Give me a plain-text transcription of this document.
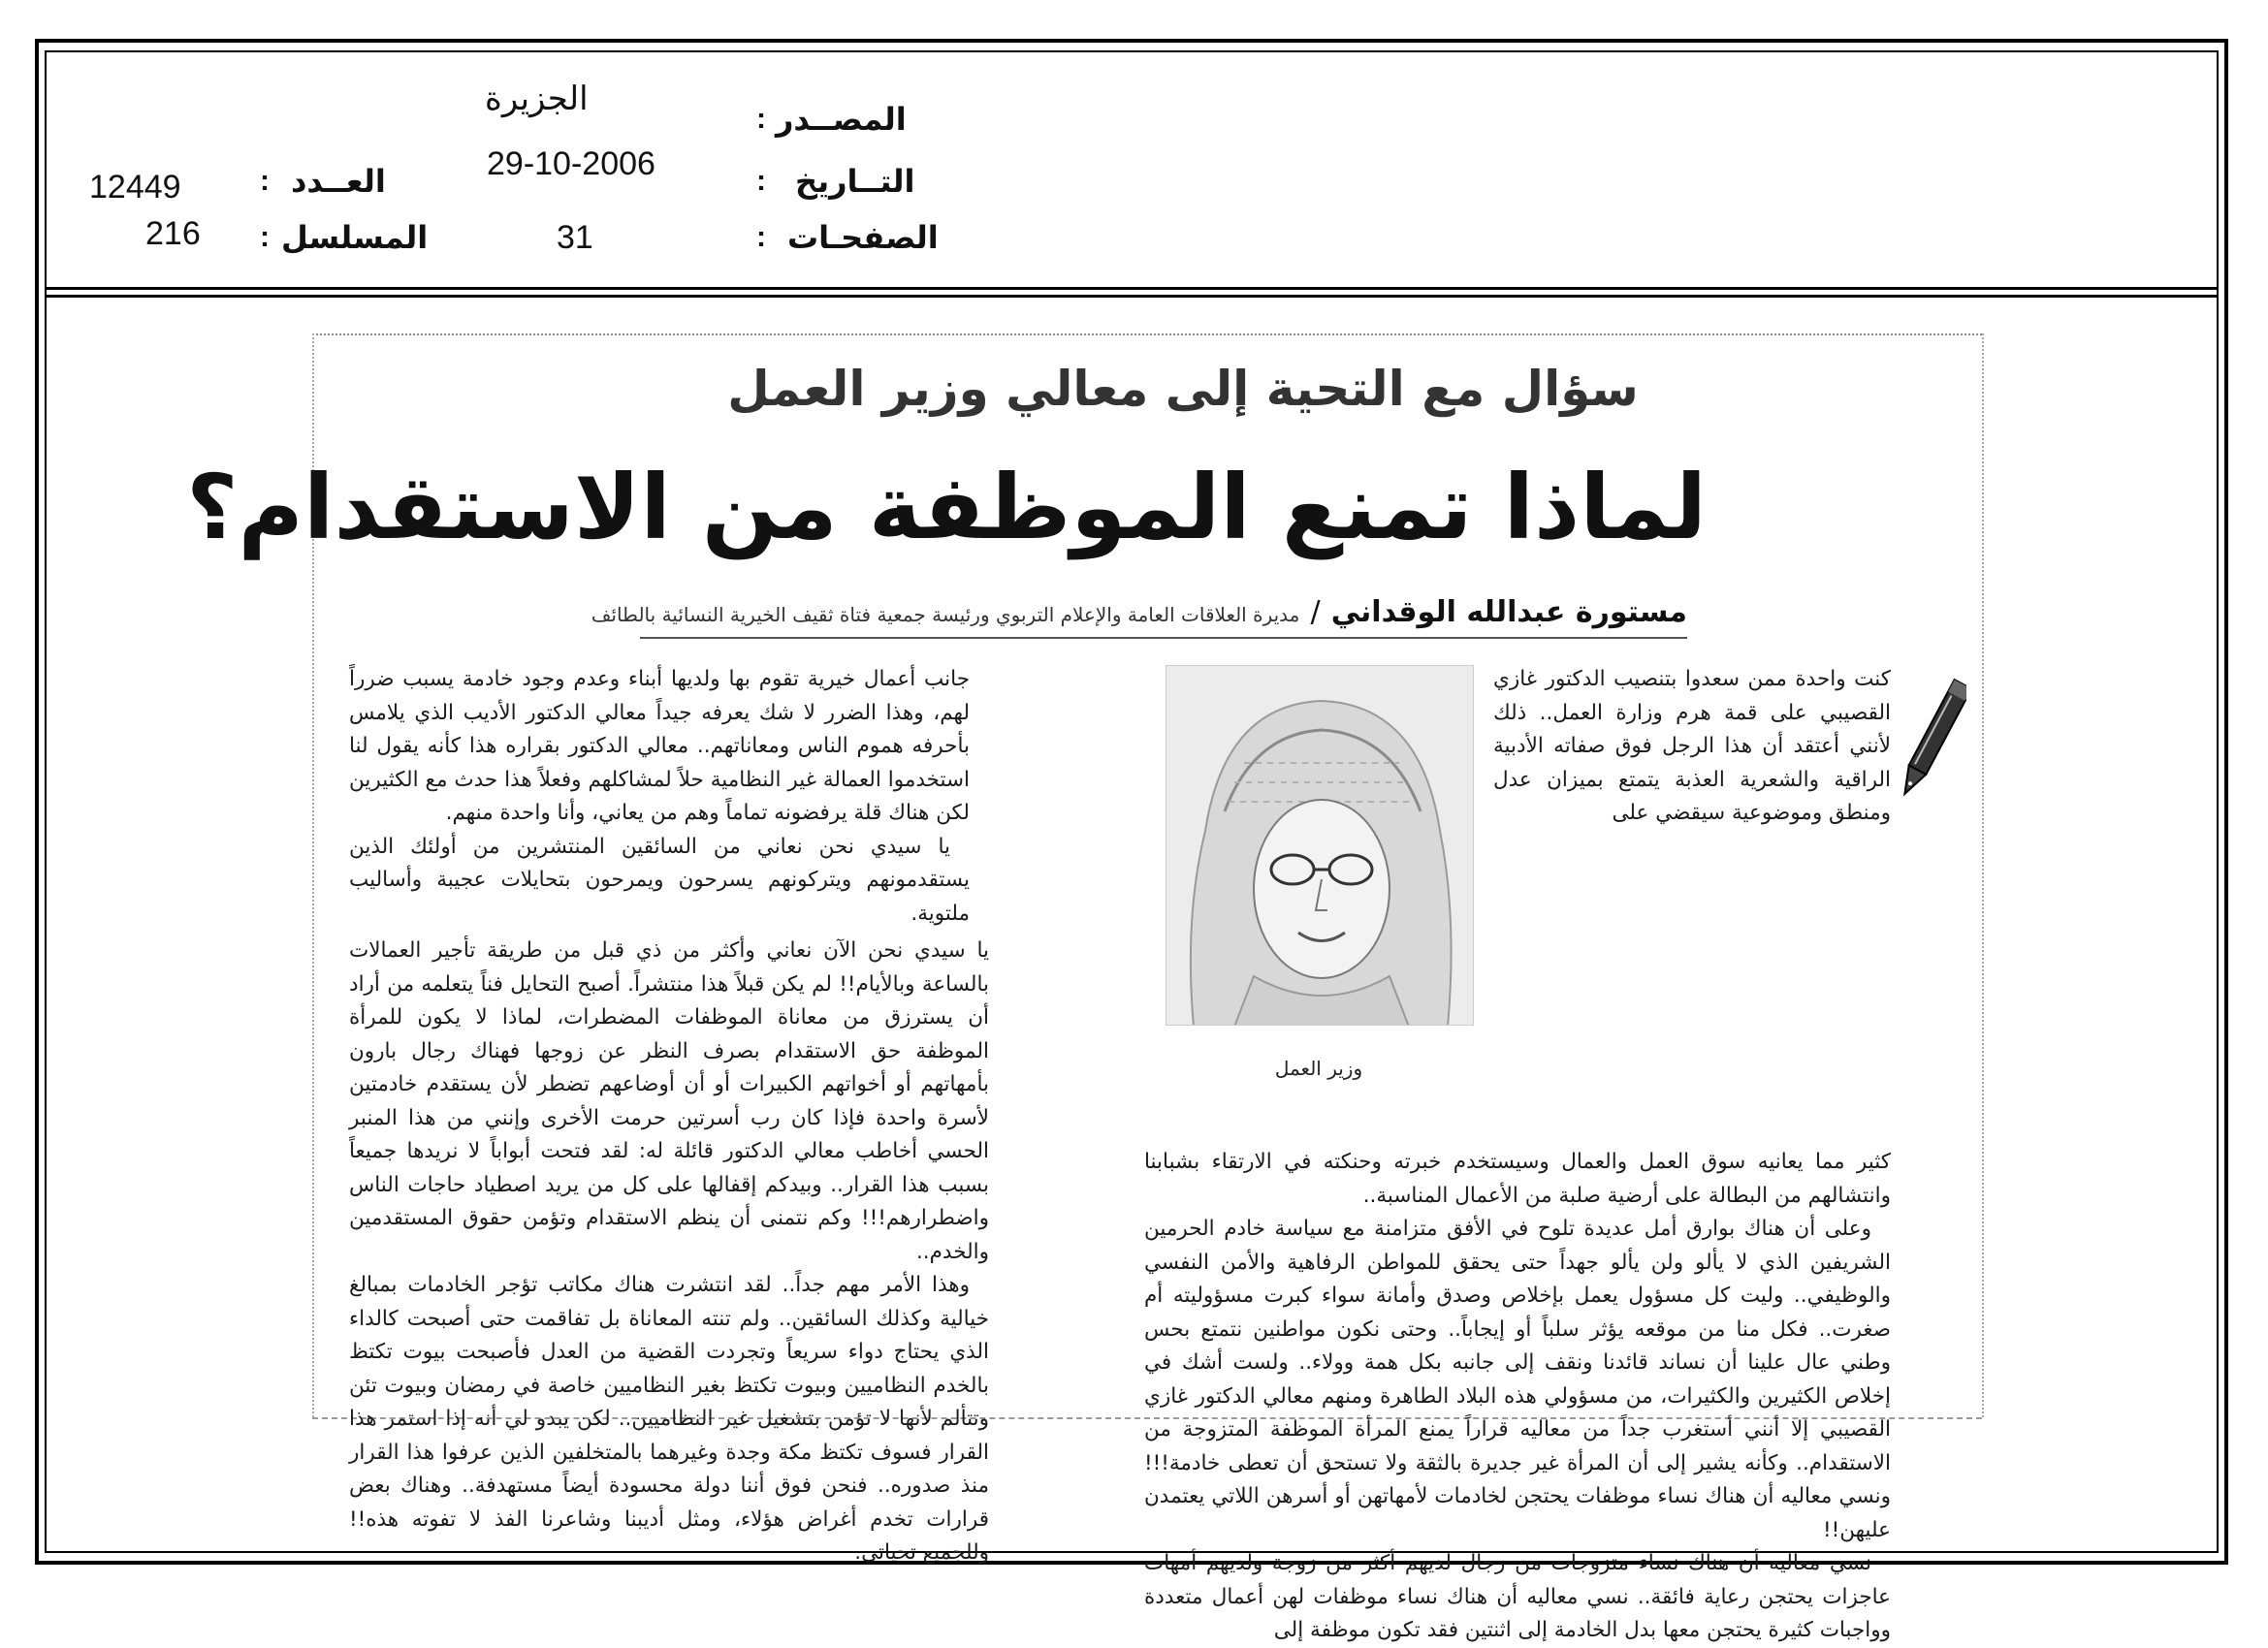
المصــدر
:
الجزيرة
التــاريخ
:
29-10-2006
الصفحـات
:
31
العــدد
:
12449
المسلسل
:
216
سؤال مع التحية إلى معالي وزير العمل
لماذا تمنع الموظفة من الاستقدام؟
مستورة عبدالله الوقداني / مديرة العلاقات العامة والإعلام التربوي ورئيسة جمعية فتاة ثقيف الخيرية النسائية بالطائف
وزير العمل

كنت واحدة ممن سعدوا بتنصيب الدكتور غازي القصيبي على قمة هرم وزارة العمل.. ذلك لأنني أعتقد أن هذا الرجل فوق صفاته الأدبية الراقية والشعرية العذبة يتمتع بميزان عدل ومنطق وموضوعية سيقضي على

كثير مما يعانيه سوق العمل والعمال وسيستخدم خبرته وحنكته في الارتقاء بشبابنا وانتشالهم من البطالة على أرضية صلبة من الأعمال المناسبة..

وعلى أن هناك بوارق أمل عديدة تلوح في الأفق متزامنة مع سياسة خادم الحرمين الشريفين الذي لا يألو ولن يألو جهداً حتى يحقق للمواطن الرفاهية والأمن النفسي والوظيفي.. وليت كل مسؤول يعمل بإخلاص وصدق وأمانة سواء كبرت مسؤوليته أم صغرت.. فكل منا من موقعه يؤثر سلباً أو إيجاباً.. وحتى نكون مواطنين نتمتع بحس وطني عال علينا أن نساند قائدنا ونقف إلى جانبه بكل همة وولاء.. ولست أشك في إخلاص الكثيرين والكثيرات، من مسؤولي هذه البلاد الطاهرة ومنهم معالي الدكتور غازي القصيبي إلا أنني أستغرب جداً من معاليه قراراً يمنع المرأة الموظفة المتزوجة من الاستقدام.. وكأنه يشير إلى أن المرأة غير جديرة بالثقة ولا تستحق أن تعطى خادمة!!! ونسي معاليه أن هناك نساء موظفات يحتجن لخادمات لأمهاتهن أو أسرهن اللاتي يعتمدن عليهن!!

نسي معاليه أن هناك نساء متزوجات من رجال لديهم أكثر من زوجة ولديهم أمهات عاجزات يحتجن رعاية فائقة.. نسي معاليه أن هناك نساء موظفات لهن أعمال متعددة وواجبات كثيرة يحتجن معها بدل الخادمة إلى اثنتين فقد تكون موظفة إلى

جانب أعمال خيرية تقوم بها ولديها أبناء وعدم وجود خادمة يسبب ضرراً لهم، وهذا الضرر لا شك يعرفه جيداً معالي الدكتور الأديب الذي يلامس بأحرفه هموم الناس ومعاناتهم.. معالي الدكتور بقراره هذا كأنه يقول لنا استخدموا العمالة غير النظامية حلاً لمشاكلهم وفعلاً هذا حدث مع الكثيرين لكن هناك قلة يرفضونه تماماً وهم من يعاني، وأنا واحدة منهم.

يا سيدي نحن نعاني من السائقين المنتشرين من أولئك الذين يستقدمونهم ويتركونهم يسرحون ويمرحون بتحايلات عجيبة وأساليب ملتوية.

يا سيدي نحن الآن نعاني وأكثر من ذي قبل من طريقة تأجير العمالات بالساعة وبالأيام!! لم يكن قبلاً هذا منتشراً. أصبح التحايل فناً يتعلمه من أراد أن يسترزق من معاناة الموظفات المضطرات، لماذا لا يكون للمرأة الموظفة حق الاستقدام بصرف النظر عن زوجها فهناك رجال بارون بأمهاتهم أو أخواتهم الكبيرات أو أن أوضاعهم تضطر لأن يستقدم خادمتين لأسرة واحدة فإذا كان رب أسرتين حرمت الأخرى وإنني من هذا المنبر الحسي أخاطب معالي الدكتور قائلة له: لقد فتحت أبواباً لا نريدها جميعاً بسبب هذا القرار.. وبيدكم إقفالها على كل من يريد اصطياد حاجات الناس واضطرارهم!!! وكم نتمنى أن ينظم الاستقدام وتؤمن حقوق المستقدمين والخدم..

وهذا الأمر مهم جداً.. لقد انتشرت هناك مكاتب تؤجر الخادمات بمبالغ خيالية وكذلك السائقين.. ولم تنته المعاناة بل تفاقمت حتى أصبحت كالداء الذي يحتاج دواء سريعاً وتجردت القضية من العدل فأصبحت بيوت تكتظ بالخدم النظاميين وبيوت تكتظ بغير النظاميين خاصة في رمضان وبيوت تئن وتتألم لأنها لا تؤمن بتشغيل غير النظاميين.. لكن يبدو لي أنه إذا استمر هذا القرار فسوف تكتظ مكة وجدة وغيرهما بالمتخلفين الذين عرفوا هذا القرار منذ صدوره.. فنحن فوق أننا دولة محسودة أيضاً مستهدفة.. وهناك بعض قرارات تخدم أغراض هؤلاء، ومثل أديبنا وشاعرنا الفذ لا تفوته هذه!! وللجميع تحياتي.
